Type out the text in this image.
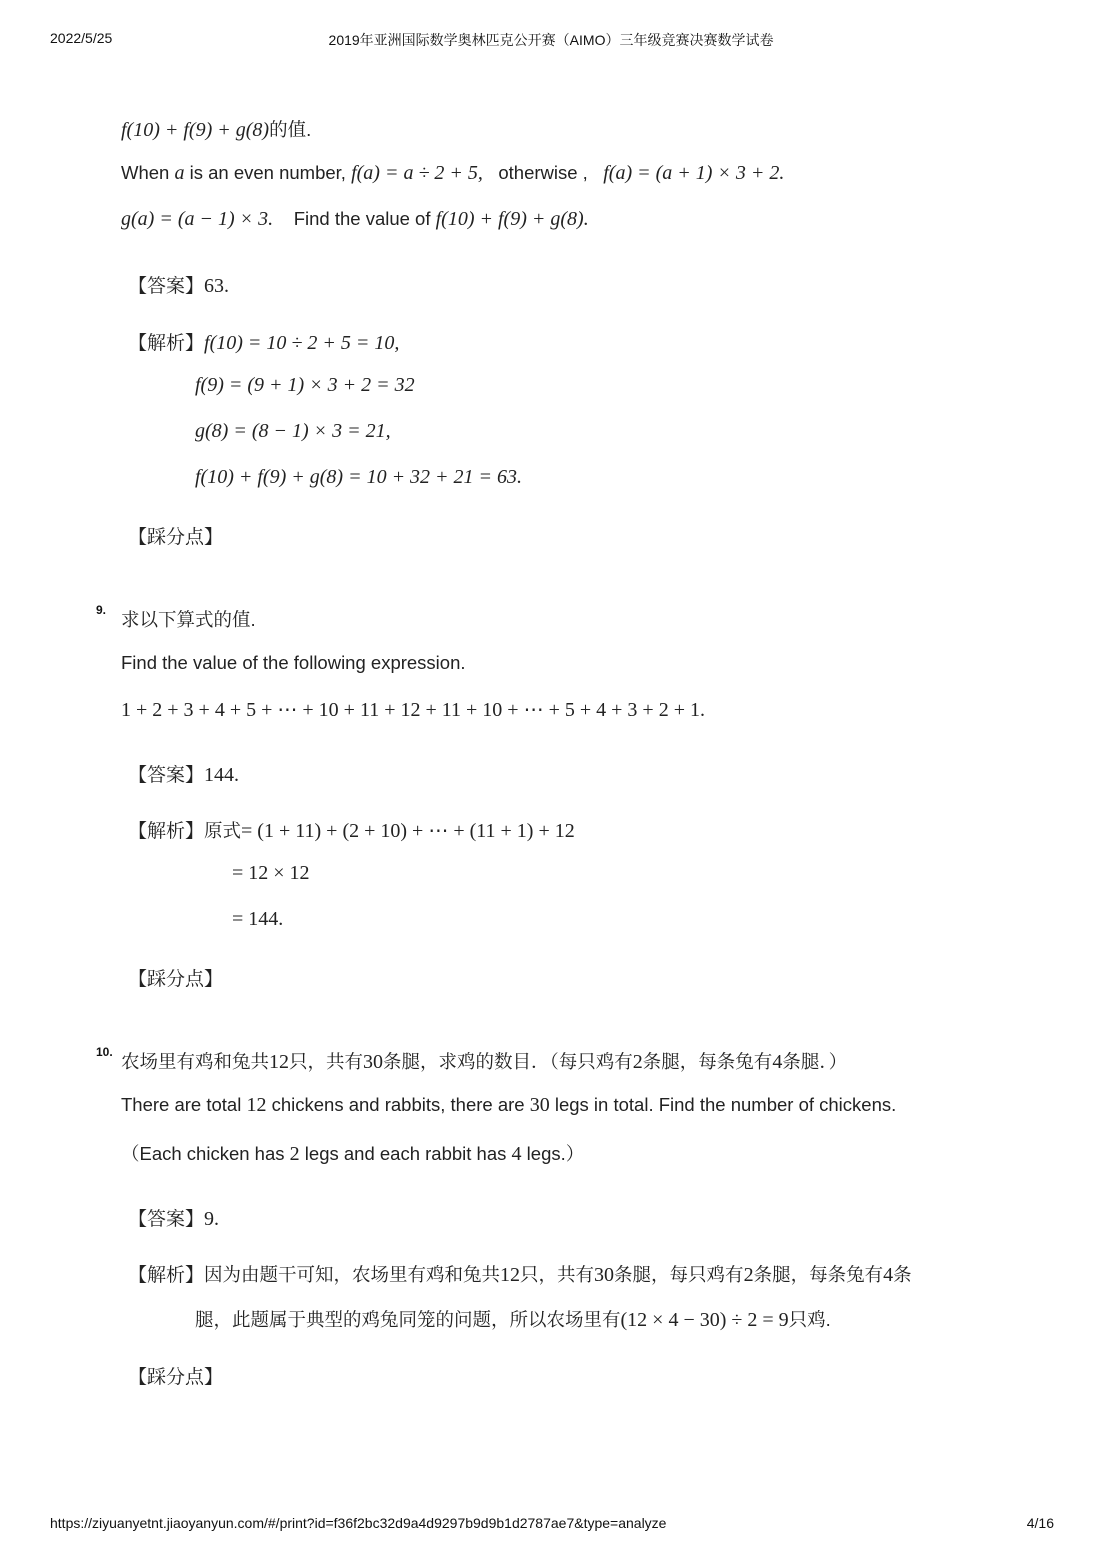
2022/5/25	2019年亚洲国际数学奥林匹克公开赛（AIMO）三年级竞赛决赛数学试卷
f(10) + f(9) + g(8)的值.
When a is an even number, f(a) = a ÷ 2 + 5, otherwise , f(a) = (a + 1) × 3 + 2.
g(a) = (a − 1) × 3. Find the value of f(10) + f(9) + g(8).
【答案】63.
【解析】f(10) = 10 ÷ 2 + 5 = 10,
f(9) = (9 + 1) × 3 + 2 = 32
g(8) = (8 − 1) × 3 = 21,
f(10) + f(9) + g(8) = 10 + 32 + 21 = 63.
【踩分点】
9. 求以下算式的值.
Find the value of the following expression.
1 + 2 + 3 + 4 + 5 + ⋯ + 10 + 11 + 12 + 11 + 10 + ⋯ + 5 + 4 + 3 + 2 + 1.
【答案】144.
【解析】原式= (1 + 11) + (2 + 10) + ⋯ + (11 + 1) + 12
= 12 × 12
= 144.
【踩分点】
10. 农场里有鸡和兔共12只，共有30条腿，求鸡的数目．（每只鸡有2条腿，每条兔有4条腿．）
There are total 12 chickens and rabbits, there are 30 legs in total. Find the number of chickens.
（Each chicken has 2 legs and each rabbit has 4 legs.）
【答案】9.
【解析】因为由题干可知，农场里有鸡和兔共12只，共有30条腿，每只鸡有2条腿，每条兔有4条
腿，此题属于典型的鸡兔同笼的问题，所以农场里有(12 × 4 − 30) ÷ 2 = 9只鸡.
【踩分点】
https://ziyuanyetnt.jiaoyanyun.com/#/print?id=f36f2bc32d9a4d9297b9d9b1d2787ae7&type=analyze	4/16
